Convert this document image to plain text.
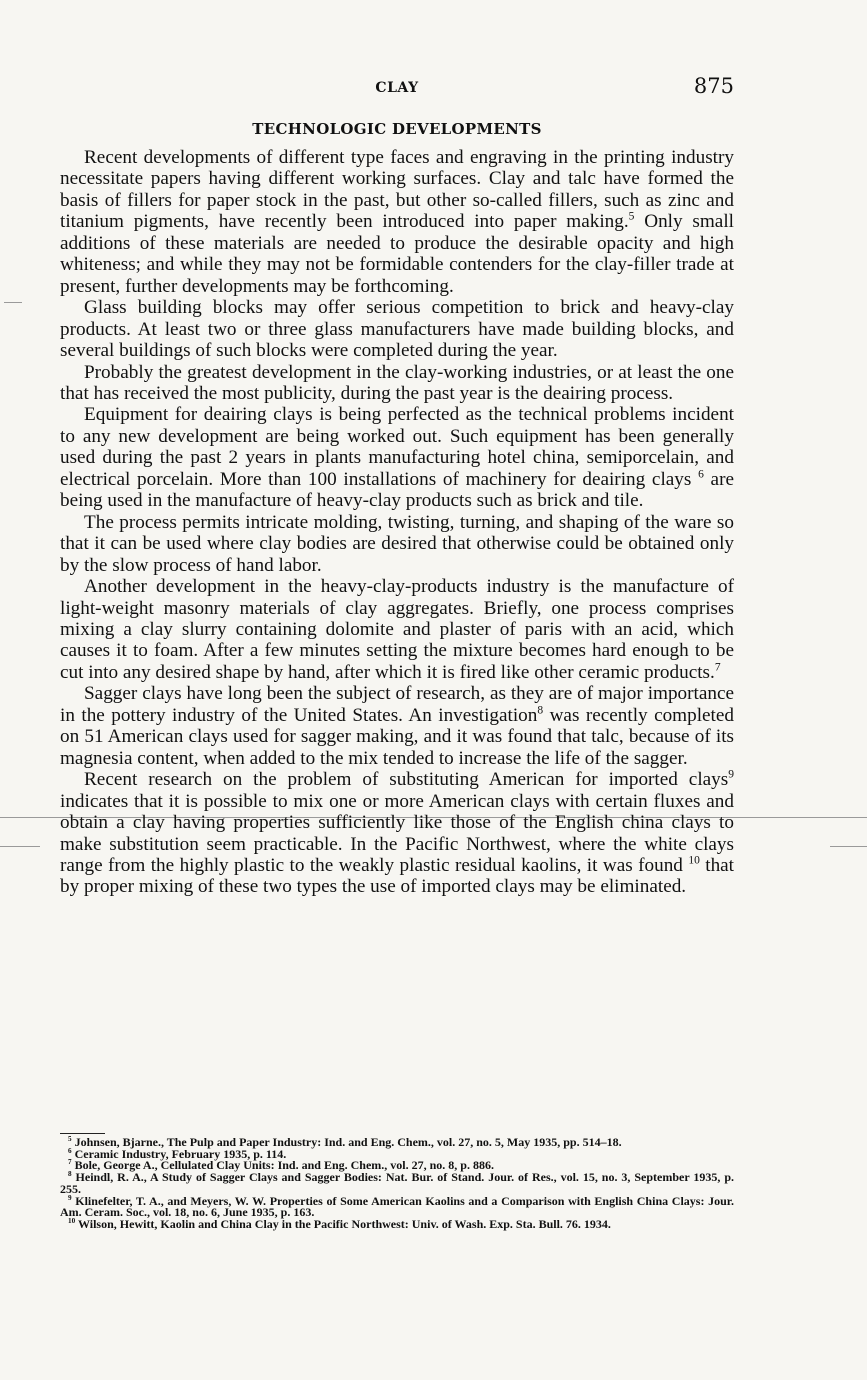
CLAY	875
TECHNOLOGIC DEVELOPMENTS

Recent developments of different type faces and engraving in the printing industry necessitate papers having different working surfaces. Clay and talc have formed the basis of fillers for paper stock in the past, but other so-called fillers, such as zinc and titanium pigments, have recently been introduced into paper making.$^5$ Only small additions of these materials are needed to produce the desirable opacity and high whiteness; and while they may not be formidable contenders for the clay-filler trade at present, further developments may be forthcoming.

Glass building blocks may offer serious competition to brick and heavy-clay products. At least two or three glass manufacturers have made building blocks, and several buildings of such blocks were completed during the year.

Probably the greatest development in the clay-working industries, or at least the one that has received the most publicity, during the past year is the deairing process.

Equipment for deairing clays is being perfected as the technical problems incident to any new development are being worked out. Such equipment has been generally used during the past 2 years in plants manufacturing hotel china, semiporcelain, and electrical porcelain. More than 100 installations of machinery for deairing clays $^6$ are being used in the manufacture of heavy-clay products such as brick and tile.

The process permits intricate molding, twisting, turning, and shaping of the ware so that it can be used where clay bodies are desired that otherwise could be obtained only by the slow process of hand labor.

Another development in the heavy-clay-products industry is the manufacture of light-weight masonry materials of clay aggregates. Briefly, one process comprises mixing a clay slurry containing dolomite and plaster of paris with an acid, which causes it to foam. After a few minutes setting the mixture becomes hard enough to be cut into any desired shape by hand, after which it is fired like other ceramic products.$^7$

Sagger clays have long been the subject of research, as they are of major importance in the pottery industry of the United States. An investigation$^8$ was recently completed on 51 American clays used for sagger making, and it was found that talc, because of its magnesia content, when added to the mix tended to increase the life of the sagger.

Recent research on the problem of substituting American for imported clays$^9$ indicates that it is possible to mix one or more American clays with certain fluxes and obtain a clay having properties sufficiently like those of the English china clays to make substitution seem practicable. In the Pacific Northwest, where the white clays range from the highly plastic to the weakly plastic residual kaolins, it was found $^{10}$ that by proper mixing of these two types the use of imported clays may be eliminated.

$^5$ Johnsen, Bjarne., The Pulp and Paper Industry: Ind. and Eng. Chem., vol. 27, no. 5, May 1935, pp. 514–18.

$^6$ Ceramic Industry, February 1935, p. 114.

$^7$ Bole, George A., Cellulated Clay Units: Ind. and Eng. Chem., vol. 27, no. 8, p. 886.

$^8$ Heindl, R. A., A Study of Sagger Clays and Sagger Bodies: Nat. Bur. of Stand. Jour. of Res., vol. 15, no. 3, September 1935, p. 255.

$^9$ Klinefelter, T. A., and Meyers, W. W. Properties of Some American Kaolins and a Comparison with English China Clays: Jour. Am. Ceram. Soc., vol. 18, no. 6, June 1935, p. 163.

$^{10}$ Wilson, Hewitt, Kaolin and China Clay in the Pacific Northwest: Univ. of Wash. Exp. Sta. Bull. 76. 1934.
